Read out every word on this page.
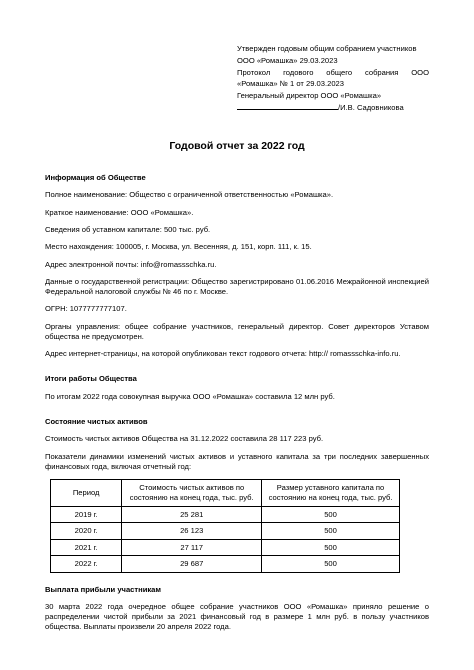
Утвержден годовым общим собранием участников
ООО «Ромашка» 29.03.2023
Протокол годового общего собрания ООО
«Ромашка» № 1 от 29.03.2023
Генеральный директор ООО «Ромашка»
/И.В. Садовникова
Годовой отчет за 2022 год
Информация об Обществе
Полное наименование: Общество с ограниченной ответственностью «Ромашка».
Краткое наименование: ООО «Ромашка».
Сведения об уставном капитале: 500 тыс. руб.
Место нахождения: 100005, г. Москва, ул. Весенняя, д. 151, корп. 111, к. 15.
Адрес электронной почты: info@romassschka.ru.
Данные о государственной регистрации: Общество зарегистрировано 01.06.2016 Межрайонной инспекцией Федеральной налоговой службы № 46 по г. Москве.
ОГРН: 1077777777107.
Органы управления: общее собрание участников, генеральный директор. Совет директоров Уставом общества не предусмотрен.
Адрес интернет-страницы, на которой опубликован текст годового отчета: http:// romassschka-info.ru.
Итоги работы Общества
По итогам 2022 года совокупная выручка ООО «Ромашка» составила 12 млн руб.
Состояние чистых активов
Стоимость чистых активов Общества на 31.12.2022 составила 28 117 223 руб.
Показатели динамики изменений чистых активов и уставного капитала за три последних завершенных финансовых года, включая отчетный год:
Период	Стоимость чистых активов по состоянию на конец года, тыс. руб.	Размер уставного капитала по состоянию на конец года, тыс. руб.
2019 г.	25 281	500
2020 г.	26 123	500
2021 г.	27 117	500
2022 г.	29 687	500
Выплата прибыли участникам
30 марта 2022 года очередное общее собрание участников ООО «Ромашка» приняло решение о распределении чистой прибыли за 2021 финансовый год в размере 1 млн руб. в пользу участников общества. Выплаты произвели 20 апреля 2022 года.
